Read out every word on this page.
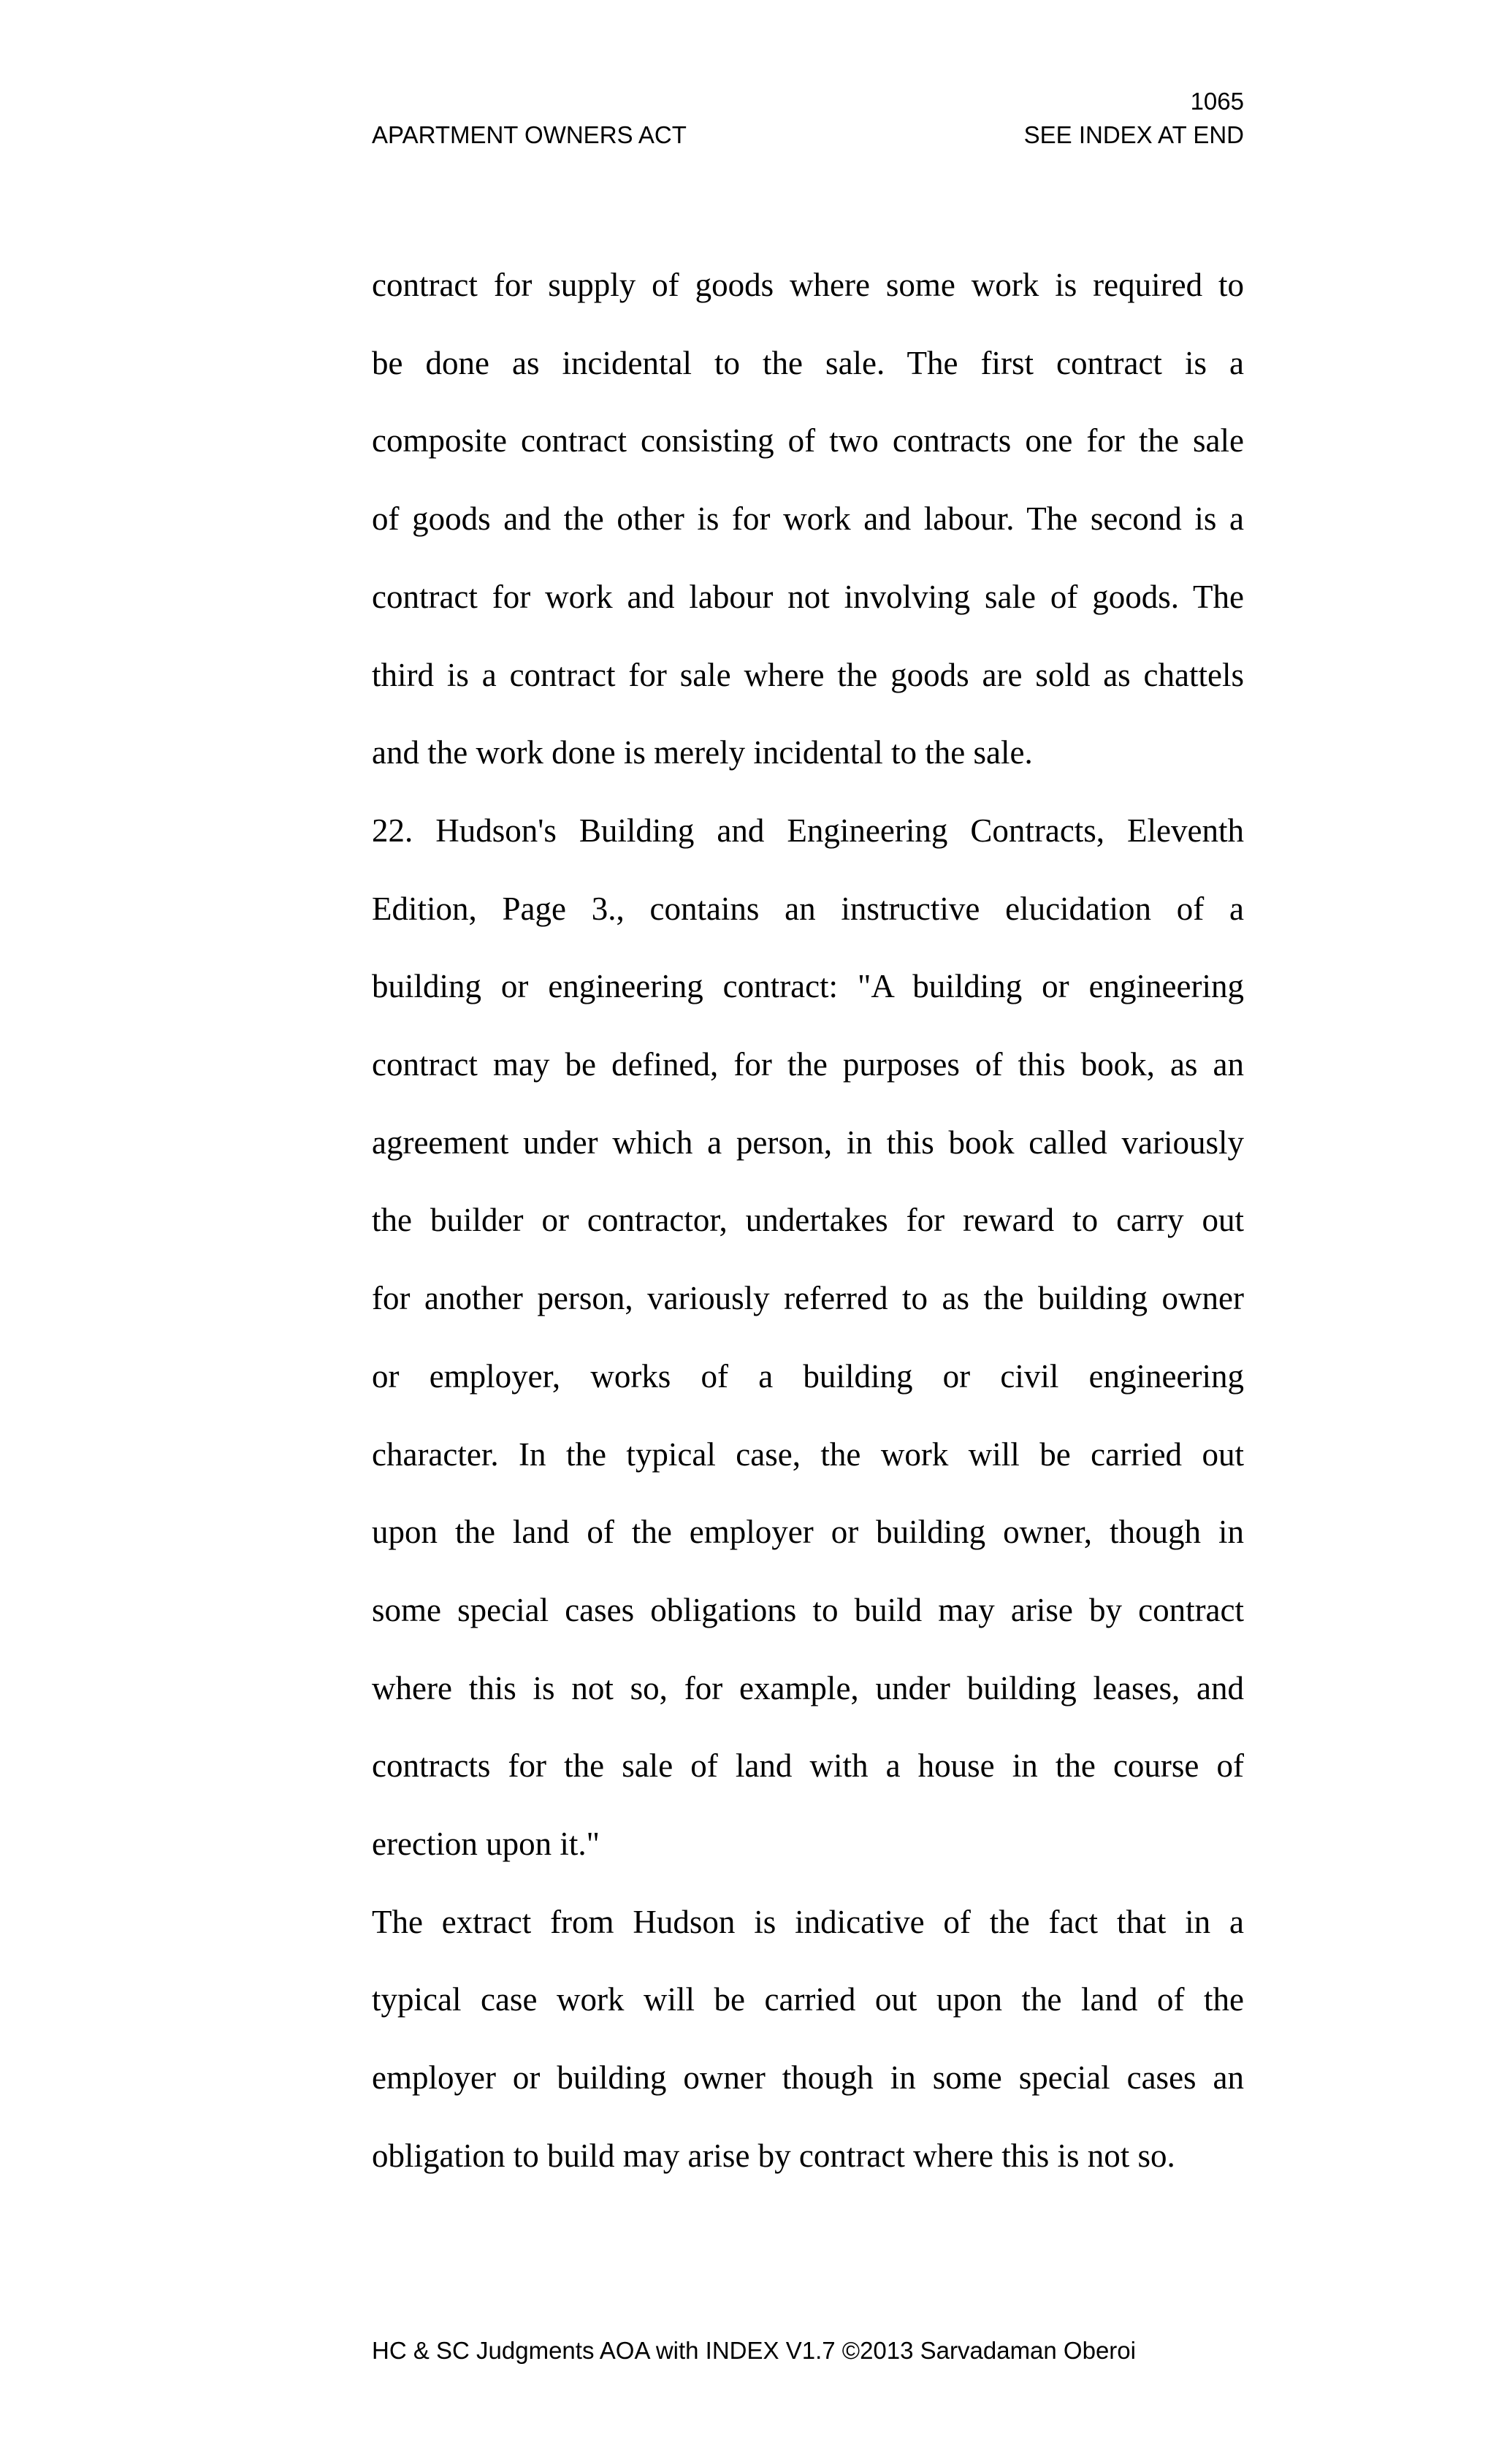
1065
APARTMENT OWNERS ACT	SEE INDEX AT END
contract for supply of goods where some work is required to
be done as incidental to the sale. The first contract is a
composite contract consisting of two contracts one for the sale
of goods and the other is for work and labour. The second is a
contract for work and labour not involving sale of goods. The
third is a contract for sale where the goods are sold as chattels
and the work done is merely incidental to the sale.
22. Hudson's Building and Engineering Contracts, Eleventh
Edition, Page 3., contains an instructive elucidation of a
building or engineering contract: "A building or engineering
contract may be defined, for the purposes of this book, as an
agreement under which a person, in this book called variously
the builder or contractor, undertakes for reward to carry out
for another person, variously referred to as the building owner
or employer, works of a building or civil engineering
character. In the typical case, the work will be carried out
upon the land of the employer or building owner, though in
some special cases obligations to build may arise by contract
where this is not so, for example, under building leases, and
contracts for the sale of land with a house in the course of
erection upon it."
The extract from Hudson is indicative of the fact that in a
typical case work will be carried out upon the land of the
employer or building owner though in some special cases an
obligation to build may arise by contract where this is not so.
HC & SC Judgments AOA with INDEX V1.7 ©2013 Sarvadaman Oberoi
